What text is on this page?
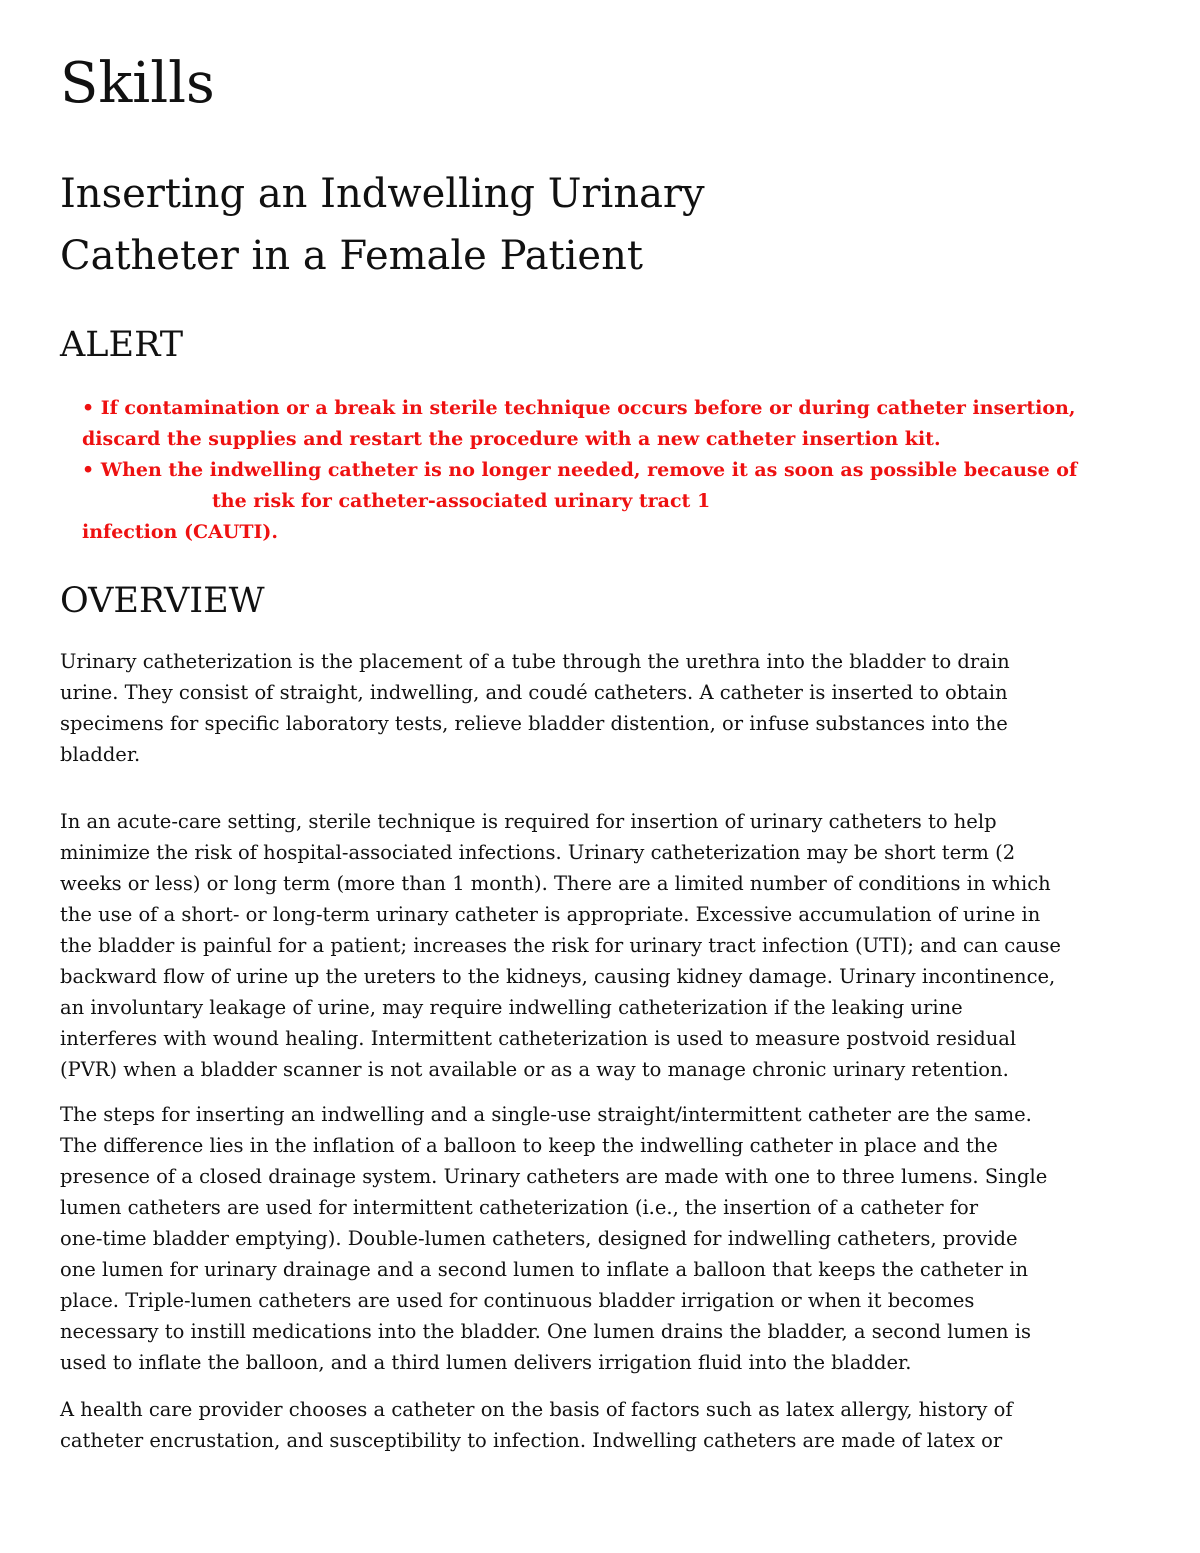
Skills
Inserting an Indwelling Urinary
Catheter in a Female Patient
ALERT
• If contamination or a break in sterile technique occurs before or during catheter insertion,
discard the supplies and restart the procedure with a new catheter insertion kit.
• When the indwelling catheter is no longer needed, remove it as soon as possible because of
the risk for catheter-associated urinary tract 1
infection (CAUTI).
OVERVIEW
Urinary catheterization is the placement of a tube through the urethra into the bladder to drain
urine. They consist of straight, indwelling, and coudé catheters. A catheter is inserted to obtain
specimens for specific laboratory tests, relieve bladder distention, or infuse substances into the
bladder.
In an acute-care setting, sterile technique is required for insertion of urinary catheters to help
minimize the risk of hospital-associated infections. Urinary catheterization may be short term (2
weeks or less) or long term (more than 1 month). There are a limited number of conditions in which
the use of a short- or long-term urinary catheter is appropriate. Excessive accumulation of urine in
the bladder is painful for a patient; increases the risk for urinary tract infection (UTI); and can cause
backward flow of urine up the ureters to the kidneys, causing kidney damage. Urinary incontinence,
an involuntary leakage of urine, may require indwelling catheterization if the leaking urine
interferes with wound healing. Intermittent catheterization is used to measure postvoid residual
(PVR) when a bladder scanner is not available or as a way to manage chronic urinary retention.
The steps for inserting an indwelling and a single-use straight/intermittent catheter are the same.
The difference lies in the inflation of a balloon to keep the indwelling catheter in place and the
presence of a closed drainage system. Urinary catheters are made with one to three lumens. Single
lumen catheters are used for intermittent catheterization (i.e., the insertion of a catheter for
one-time bladder emptying). Double-lumen catheters, designed for indwelling catheters, provide
one lumen for urinary drainage and a second lumen to inflate a balloon that keeps the catheter in
place. Triple-lumen catheters are used for continuous bladder irrigation or when it becomes
necessary to instill medications into the bladder. One lumen drains the bladder, a second lumen is
used to inflate the balloon, and a third lumen delivers irrigation fluid into the bladder.
A health care provider chooses a catheter on the basis of factors such as latex allergy, history of
catheter encrustation, and susceptibility to infection. Indwelling catheters are made of latex or
